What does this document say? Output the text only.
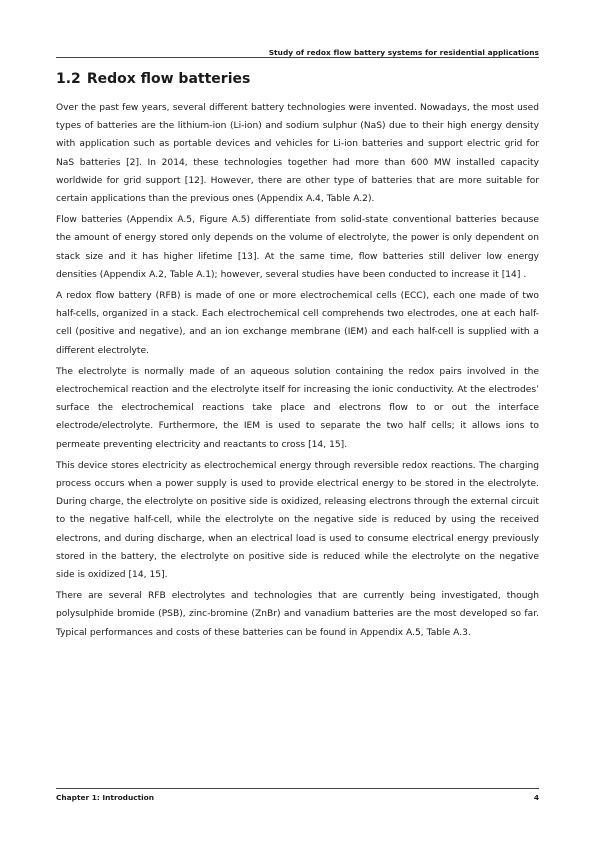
Study of redox flow battery systems for residential applications
1.2 Redox flow batteries

Over the past few years, several different battery technologies were invented. Nowadays, the most used types of batteries are the lithium-ion (Li-ion) and sodium sulphur (NaS) due to their high energy density with application such as portable devices and vehicles for Li-ion batteries and support electric grid for NaS batteries [2]. In 2014, these technologies together had more than 600 MW installed capacity worldwide for grid support [12]. However, there are other type of batteries that are more suitable for certain applications than the previous ones (Appendix A.4, Table A.2).

Flow batteries (Appendix A.5, Figure A.5) differentiate from solid-state conventional batteries because the amount of energy stored only depends on the volume of electrolyte, the power is only dependent on stack size and it has higher lifetime [13]. At the same time, flow batteries still deliver low energy densities (Appendix A.2, Table A.1); however, several studies have been conducted to increase it [14] .

A redox flow battery (RFB) is made of one or more electrochemical cells (ECC), each one made of two half-cells, organized in a stack. Each electrochemical cell comprehends two electrodes, one at each half-cell (positive and negative), and an ion exchange membrane (IEM) and each half-cell is supplied with a different electrolyte.

The electrolyte is normally made of an aqueous solution containing the redox pairs involved in the electrochemical reaction and the electrolyte itself for increasing the ionic conductivity. At the electrodes’ surface the electrochemical reactions take place and electrons flow to or out the interface electrode/electrolyte. Furthermore, the IEM is used to separate the two half cells; it allows ions to permeate preventing electricity and reactants to cross [14, 15].

This device stores electricity as electrochemical energy through reversible redox reactions. The charging process occurs when a power supply is used to provide electrical energy to be stored in the electrolyte. During charge, the electrolyte on positive side is oxidized, releasing electrons through the external circuit to the negative half-cell, while the electrolyte on the negative side is reduced by using the received electrons, and during discharge, when an electrical load is used to consume electrical energy previously stored in the battery, the electrolyte on positive side is reduced while the electrolyte on the negative side is oxidized [14, 15].

There are several RFB electrolytes and technologies that are currently being investigated, though polysulphide bromide (PSB), zinc-bromine (ZnBr) and vanadium batteries are the most developed so far. Typical performances and costs of these batteries can be found in Appendix A.5, Table A.3.

Chapter 1: Introduction	4
